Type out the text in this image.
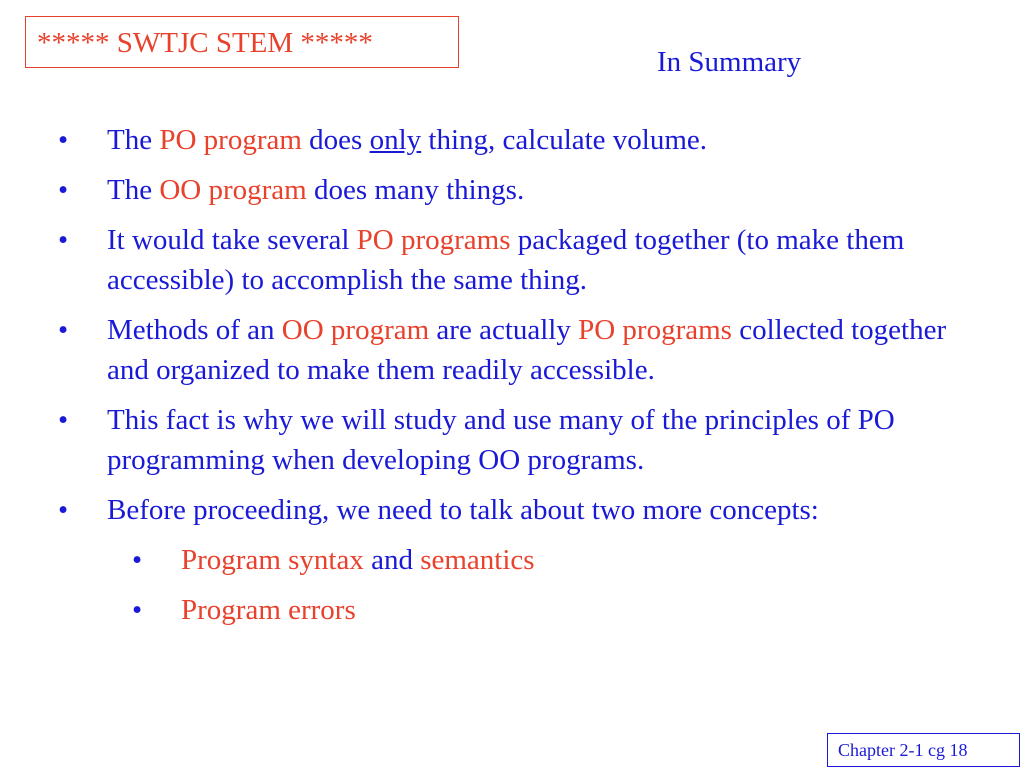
***** SWTJC STEM *****
In Summary
• The PO program does only thing, calculate volume.
• The OO program does many things.
• It would take several PO programs packaged together (to make them accessible) to accomplish the same thing.
• Methods of an OO program are actually PO programs collected together and organized to make them readily accessible.
• This fact is why we will study and use many of the principles of PO programming when developing OO programs.
• Before proceeding, we need to talk about two more concepts:
• Program syntax and semantics
• Program errors
Chapter 2-1 cg 18
